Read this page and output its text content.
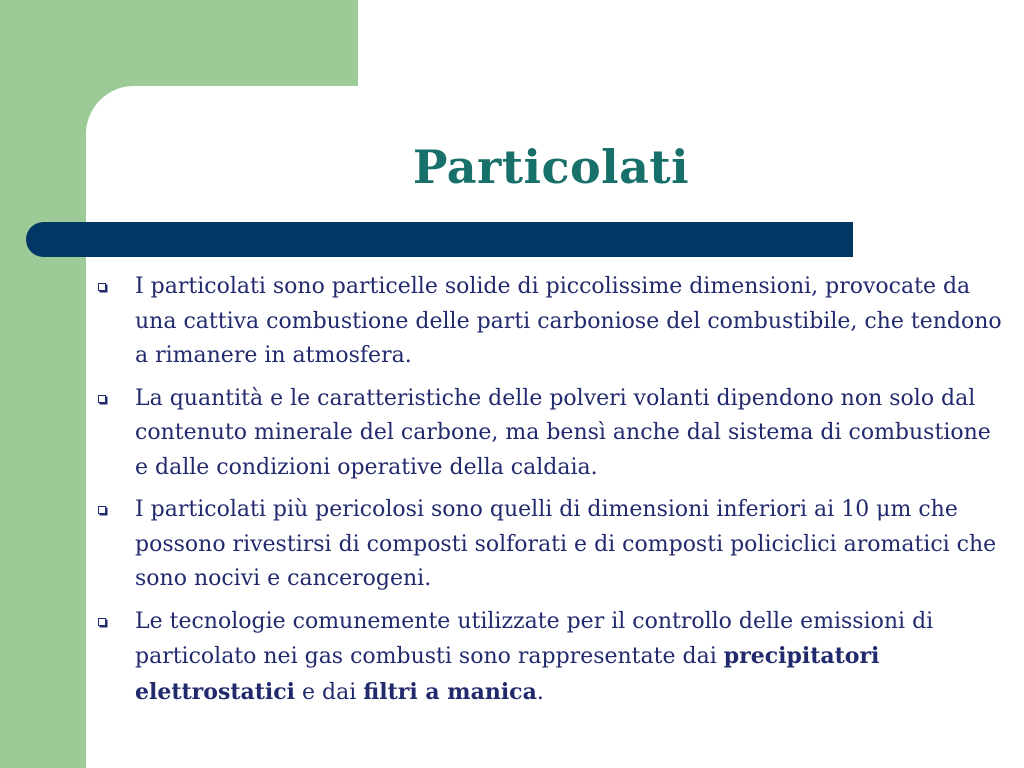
Particolati
I particolati sono particelle solide di piccolissime dimensioni, provocate da una cattiva combustione delle parti carboniose del combustibile, che tendono a rimanere in atmosfera.
La quantità e le caratteristiche delle polveri volanti dipendono non solo dal contenuto minerale del carbone, ma bensì anche dal sistema di combustione e dalle condizioni operative della caldaia.
I particolati più pericolosi sono quelli di dimensioni inferiori ai 10 μm che possono rivestirsi di composti solforati e di composti policiclici aromatici che sono nocivi e cancerogeni.
Le tecnologie comunemente utilizzate per il controllo delle emissioni di particolato nei gas combusti sono rappresentate dai precipitatori elettrostatici e dai filtri a manica.
